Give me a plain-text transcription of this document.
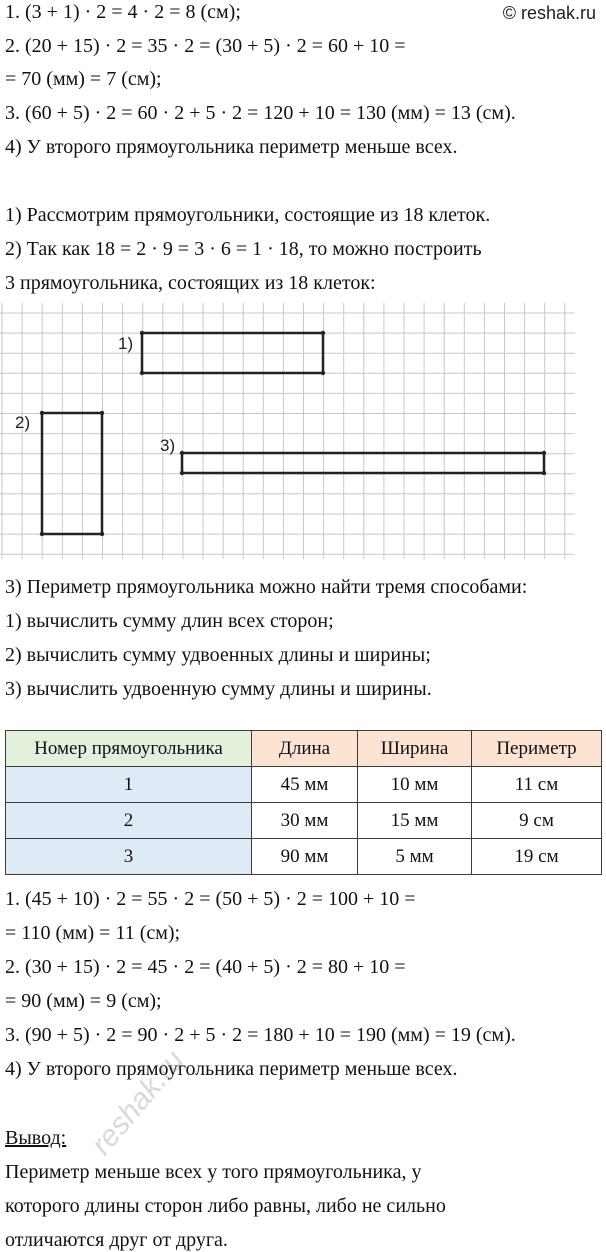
© reshak.ru
1. (3 + 1) · 2 = 4 · 2 = 8 (см);
2. (20 + 15) · 2 = 35 · 2 = (30 + 5) · 2 = 60 + 10 =
= 70 (мм) = 7 (см);
3. (60 + 5) · 2 = 60 · 2 + 5 · 2 = 120 + 10 = 130 (мм) = 13 (см).
4) У второго прямоугольника периметр меньше всех.
1) Рассмотрим прямоугольники, состоящие из 18 клеток.
2) Так как 18 = 2 · 9 = 3 · 6 = 1 · 18, то можно построить
3 прямоугольника, состоящих из 18 клеток:
1)
2)
3)
3) Периметр прямоугольника можно найти тремя способами:
1) вычислить сумму длин всех сторон;
2) вычислить сумму удвоенных длины и ширины;
3) вычислить удвоенную сумму длины и ширины.
Номер прямоугольника	Длина	Ширина	Периметр
1	45 мм	10 мм	11 см
2	30 мм	15 мм	9 см
3	90 мм	5 мм	19 см
1. (45 + 10) · 2 = 55 · 2 = (50 + 5) · 2 = 100 + 10 =
= 110 (мм) = 11 (см);
2. (30 + 15) · 2 = 45 · 2 = (40 + 5) · 2 = 80 + 10 =
= 90 (мм) = 9 (см);
3. (90 + 5) · 2 = 90 · 2 + 5 · 2 = 180 + 10 = 190 (мм) = 19 (см).
4) У второго прямоугольника периметр меньше всех.
Вывод:
Периметр меньше всех у того прямоугольника, у
которого длины сторон либо равны, либо не сильно
отличаются друг от друга.
reshak.ru
